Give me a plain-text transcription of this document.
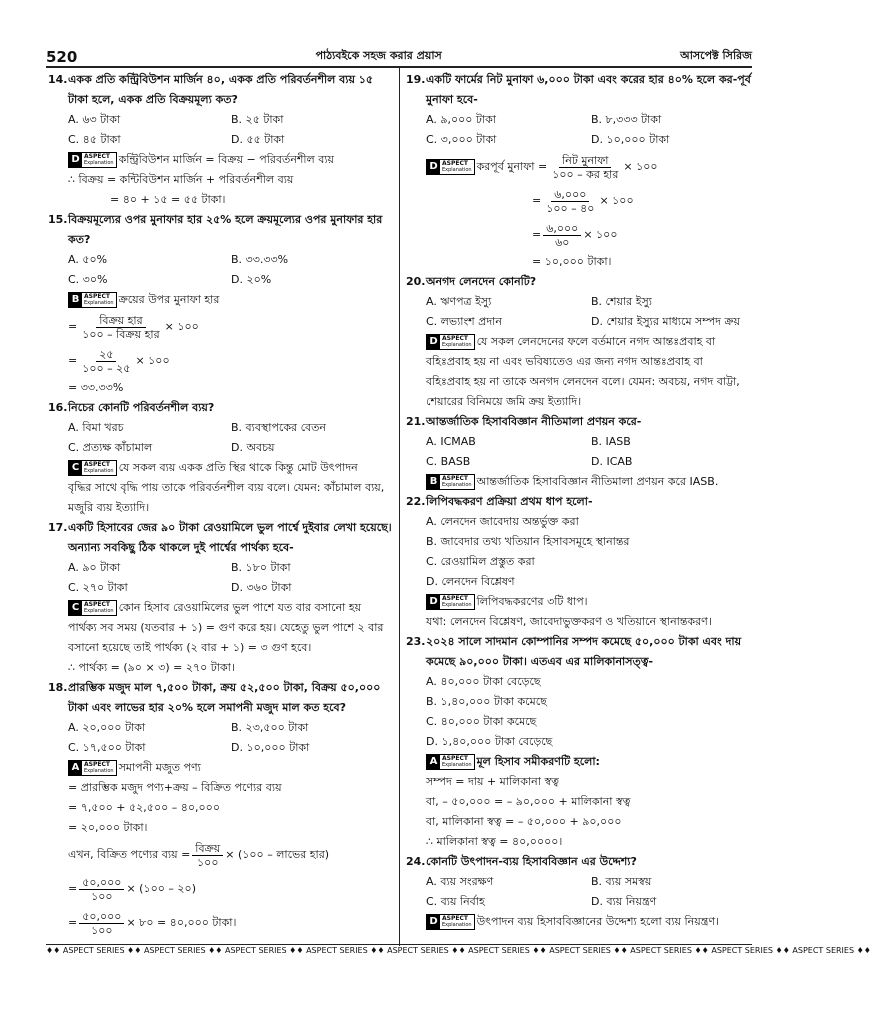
520	পাঠ্যবইকে সহজ করার প্রয়াস	আসপেক্ট সিরিজ
14. একক প্রতি কন্ট্রিবিউশন মার্জিন ৪০, একক প্রতি পরিবর্তনশীল ব্যয় ১৫ টাকা হলে, একক প্রতি বিক্রয়মূল্য কত?
A. ৬৩ টাকা	B. ২৫ টাকা
C. ৪৫ টাকা	D. ৫৫ টাকা
D ASPECT
Explanation কন্ট্রিবিউশন মার্জিন = বিক্রয় − পরিবর্তনশীল ব্যয়
∴ বিক্রয় = কন্টিবিউশন মার্জিন + পরিবর্তনশীল ব্যয়
= ৪০ + ১৫ = ৫৫ টাকা।
15. বিক্রয়মূল্যের ওপর মুনাফার হার ২৫% হলে ক্রয়মূল্যের ওপর মুনাফার হার কত?
A. ৫০%	B. ৩৩.৩৩%
C. ৩০%	D. ২০%
B ASPECT
Explanation ক্রয়ের উপর মুনাফা হার
= $\frac{\text{বিক্রয় হার}}{\text{১০০ – বিক্রয় হার}}$ × ১০০
= $\frac{২৫}{১০০ - ২৫}$ × ১০০
= ৩৩.৩৩%
16. নিচের কোনটি পরিবর্তনশীল ব্যয়?
A. বিমা খরচ	B. ব্যবস্থাপকের বেতন
C. প্রত্যক্ষ কাঁচামাল	D. অবচয়
C ASPECT
Explanation যে সকল ব্যয় একক প্রতি স্থির থাকে কিন্তু মোট উৎপাদন
বৃদ্ধির সাথে বৃদ্ধি পায় তাকে পরিবর্তনশীল ব্যয় বলে। যেমন: কাঁচামাল ব্যয়,
মজুরি ব্যয় ইত্যাদি।
17. একটি হিসাবের জের ৯০ টাকা রেওয়ামিলে ভুল পার্শ্বে দুইবার লেখা হয়েছে। অন্যান্য সবকিছু ঠিক থাকলে দুই পার্শ্বের পার্থক্য হবে-
A. ৯০ টাকা	B. ১৮০ টাকা
C. ২৭০ টাকা	D. ৩৬০ টাকা
C ASPECT
Explanation কোন হিসাব রেওয়ামিলের ভুল পাশে যত বার বসানো হয়
পার্থক্য সব সময় (যতবার + ১) = গুণ করে হয়। যেহেতু ভুল পাশে ২ বার
বসানো হয়েছে তাই পার্থক্য (২ বার + ১) = ৩ গুণ হবে।
∴ পার্থক্য = (৯০ × ৩) = ২৭০ টাকা।
18. প্রারম্ভিক মজুদ মাল ৭,৫০০ টাকা, ক্রয় ৫২,৫০০ টাকা, বিক্রয় ৫০,০০০ টাকা এবং লাভের হার ২০% হলে সমাপনী মজুদ মাল কত হবে?
A. ২০,০০০ টাকা	B. ২৩,৫০০ টাকা
C. ১৭,৫০০ টাকা	D. ১০,০০০ টাকা
A ASPECT
Explanation সমাপনী মজুত পণ্য
= প্রারম্ভিক মজুদ পণ্য+ক্রয় – বিক্রিত পণ্যের ব্যয়
= ৭,৫০০ + ৫২,৫০০ – ৪০,০০০
= ২০,০০০ টাকা।
এখন, বিক্রিত পণ্যের ব্যয় = $\frac{\text{বিক্রয়}}{১০০}$ × (১০০ – লাভের হার)
= $\frac{৫০,০০০}{১০০}$ × (১০০ – ২০)
= $\frac{৫০,০০০}{১০০}$ × ৮০ = ৪০,০০০ টাকা।
19. একটি ফার্মের নিট মুনাফা ৬,০০০ টাকা এবং করের হার ৪০% হলে কর-পূর্ব মুনাফা হবে-
A. ৯,০০০ টাকা	B. ৮,৩৩৩ টাকা
C. ৩,০০০ টাকা	D. ১০,০০০ টাকা
D ASPECT
Explanation করপূর্ব মুনাফা = $\frac{\text{নিট মুনাফা}}{\text{১০০ – কর হার}}$ × ১০০
= $\frac{৬,০০০}{১০০ - ৪০}$ × ১০০
= $\frac{৬,০০০}{৬০}$ × ১০০
= ১০,০০০ টাকা।
20. অনগদ লেনদেন কোনটি?
A. ঋণপত্র ইস্যু	B. শেয়ার ইস্যু
C. লভ্যাংশ প্রদান	D. শেয়ার ইস্যুর মাধ্যমে সম্পদ ক্রয়
D ASPECT
Explanation যে সকল লেনদেনের ফলে বর্তমানে নগদ আন্তঃপ্রবাহ বা
বহিঃপ্রবাহ হয় না এবং ভবিষ্যতেও এর জন্য নগদ আন্তঃপ্রবাহ বা
বহিঃপ্রবাহ হয় না তাকে অনগদ লেনদেন বলে। যেমন: অবচয়, নগদ বাট্টা,
শেয়ারের বিনিময়ে জমি ক্রয় ইত্যাদি।
21. আন্তর্জাতিক হিসাববিজ্ঞান নীতিমালা প্রণয়ন করে-
A. ICMAB	B. IASB
C. BASB	D. ICAB
B ASPECT
Explanation আন্তর্জাতিক হিসাববিজ্ঞান নীতিমালা প্রণয়ন করে IASB.
22. লিপিবদ্ধকরণ প্রক্রিয়া প্রথম ধাপ হলো-
A. লেনদেন জাবেদায় অন্তর্ভুক্ত করা
B. জাবেদার তথ্য খতিয়ান হিসাবসমূহে স্থানান্তর
C. রেওয়ামিল প্রস্তুত করা
D. লেনদেন বিশ্লেষণ
D ASPECT
Explanation লিপিবদ্ধকরণের ৩টি ধাপ।
যথা: লেনদেন বিশ্লেষণ, জাবেদাভুক্তকরণ ও খতিয়ানে স্থানান্তকরণ।
23. ২০২৪ সালে সাদমান কোম্পানির সম্পদ কমেছে ৫০,০০০ টাকা এবং দায় কমেছে ৯০,০০০ টাকা। এতএব এর মালিকানাসত্ত্ব-
A. ৪০,০০০ টাকা বেড়েছে
B. ১,৪০,০০০ টাকা কমেছে
C. ৪০,০০০ টাকা কমেছে
D. ১,৪০,০০০ টাকা বেড়েছে
A ASPECT
Explanation মূল হিসাব সমীকরণটি হলো:
সম্পদ = দায় + মালিকানা স্বত্ব
বা, – ৫০,০০০ = – ৯০,০০০ + মালিকানা স্বত্ব
বা, মালিকানা স্বত্ব = – ৫০,০০০ + ৯০,০০০
∴ মালিকানা স্বত্ব = ৪০,০০০০।
24. কোনটি উৎপাদন-ব্যয় হিসাববিজ্ঞান এর উদ্দেশ্য?
A. ব্যয় সংরক্ষণ	B. ব্যয় সমস্বয়
C. ব্যয় নির্বাহ	D. ব্যয় নিয়ন্ত্রণ
D ASPECT
Explanation উৎপাদন ব্যয় হিসাববিজ্ঞানের উদ্দেশ্য হলো ব্যয় নিয়ন্ত্রণ।
♦♦ ASPECT SERIES ♦♦ ASPECT SERIES ♦♦ ASPECT SERIES ♦♦ ASPECT SERIES ♦♦ ASPECT SERIES ♦♦ ASPECT SERIES ♦♦ ASPECT SERIES ♦♦ ASPECT SERIES ♦♦ ASPECT SERIES ♦♦ ASPECT SERIES ♦♦
